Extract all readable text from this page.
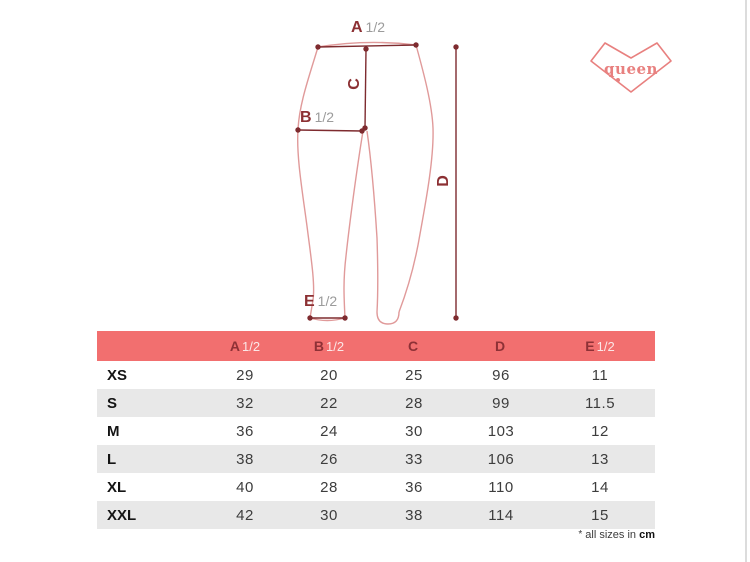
A 1/2
C
B 1/2
D
E 1/2
queen
	A 1/2	B 1/2	C	D	E 1/2
XS	29	20	25	96	11
S	32	22	28	99	11.5
M	36	24	30	103	12
L	38	26	33	106	13
XL	40	28	36	110	14
XXL	42	30	38	114	15
* all sizes in cm
